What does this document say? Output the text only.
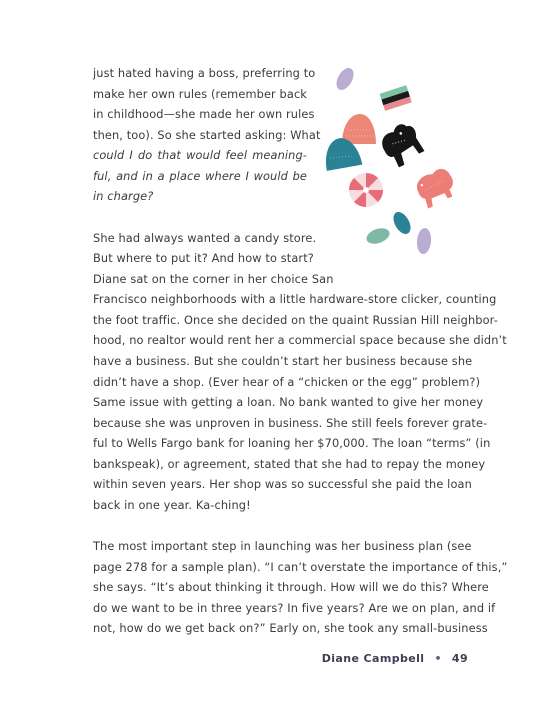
just hated having a boss, preferring to
make her own rules (remember back
in childhood—she made her own rules
then, too). So she started asking: What
could I do that would feel meaning-
ful, and in a place where I would be
in charge?
She had always wanted a candy store.
But where to put it? And how to start?
Diane sat on the corner in her choice San
Francisco neighborhoods with a little hardware-store clicker, counting
the foot traffic. Once she decided on the quaint Russian Hill neighbor-
hood, no realtor would rent her a commercial space because she didn’t
have a business. But she couldn’t start her business because she
didn’t have a shop. (Ever hear of a “chicken or the egg” problem?)
Same issue with getting a loan. No bank wanted to give her money
because she was unproven in business. She still feels forever grate-
ful to Wells Fargo bank for loaning her $70,000. The loan “terms” (in
bankspeak), or agreement, stated that she had to repay the money
within seven years. Her shop was so successful she paid the loan
back in one year. Ka-ching!
The most important step in launching was her business plan (see
page 278 for a sample plan). “I can’t overstate the importance of this,”
she says. “It’s about thinking it through. How will we do this? Where
do we want to be in three years? In five years? Are we on plan, and if
not, how do we get back on?” Early on, she took any small-business
Diane Campbell • 49
